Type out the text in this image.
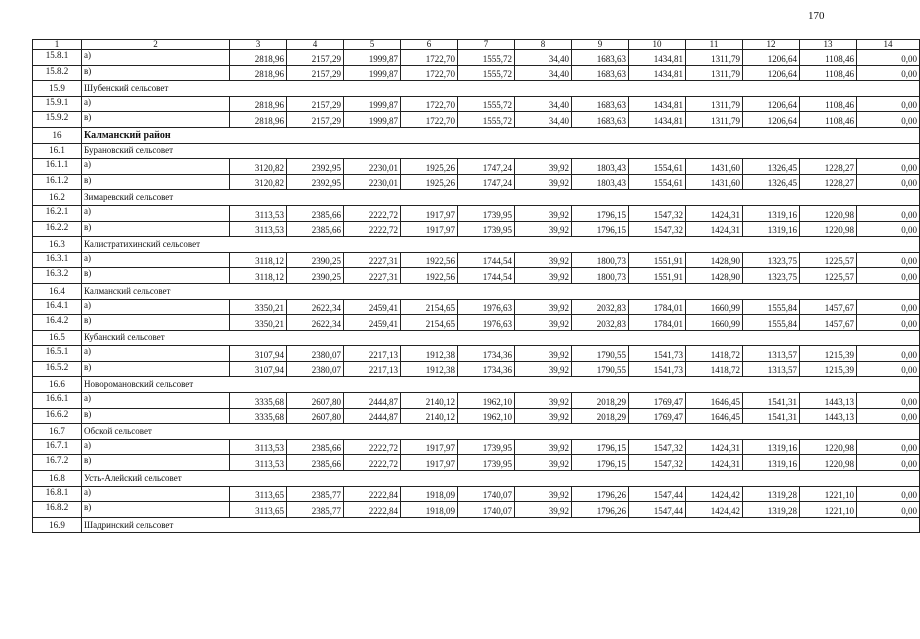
170
1	2	3	4	5	6	7	8	9	10	11	12	13	14
15.8.1	а)	2818,96	2157,29	1999,87	1722,70	1555,72	34,40	1683,63	1434,81	1311,79	1206,64	1108,46	0,00
15.8.2	в)	2818,96	2157,29	1999,87	1722,70	1555,72	34,40	1683,63	1434,81	1311,79	1206,64	1108,46	0,00
15.9	Шубенский сельсовет												
15.9.1	а)	2818,96	2157,29	1999,87	1722,70	1555,72	34,40	1683,63	1434,81	1311,79	1206,64	1108,46	0,00
15.9.2	в)	2818,96	2157,29	1999,87	1722,70	1555,72	34,40	1683,63	1434,81	1311,79	1206,64	1108,46	0,00
16	Калманский район												
16.1	Бурановский сельсовет												
16.1.1	а)	3120,82	2392,95	2230,01	1925,26	1747,24	39,92	1803,43	1554,61	1431,60	1326,45	1228,27	0,00
16.1.2	в)	3120,82	2392,95	2230,01	1925,26	1747,24	39,92	1803,43	1554,61	1431,60	1326,45	1228,27	0,00
16.2	Зимаревский сельсовет												
16.2.1	а)	3113,53	2385,66	2222,72	1917,97	1739,95	39,92	1796,15	1547,32	1424,31	1319,16	1220,98	0,00
16.2.2	в)	3113,53	2385,66	2222,72	1917,97	1739,95	39,92	1796,15	1547,32	1424,31	1319,16	1220,98	0,00
16.3	Калистратихинский сельсовет												
16.3.1	а)	3118,12	2390,25	2227,31	1922,56	1744,54	39,92	1800,73	1551,91	1428,90	1323,75	1225,57	0,00
16.3.2	в)	3118,12	2390,25	2227,31	1922,56	1744,54	39,92	1800,73	1551,91	1428,90	1323,75	1225,57	0,00
16.4	Калманский сельсовет												
16.4.1	а)	3350,21	2622,34	2459,41	2154,65	1976,63	39,92	2032,83	1784,01	1660,99	1555,84	1457,67	0,00
16.4.2	в)	3350,21	2622,34	2459,41	2154,65	1976,63	39,92	2032,83	1784,01	1660,99	1555,84	1457,67	0,00
16.5	Кубанский сельсовет												
16.5.1	а)	3107,94	2380,07	2217,13	1912,38	1734,36	39,92	1790,55	1541,73	1418,72	1313,57	1215,39	0,00
16.5.2	в)	3107,94	2380,07	2217,13	1912,38	1734,36	39,92	1790,55	1541,73	1418,72	1313,57	1215,39	0,00
16.6	Новоромановский сельсовет												
16.6.1	а)	3335,68	2607,80	2444,87	2140,12	1962,10	39,92	2018,29	1769,47	1646,45	1541,31	1443,13	0,00
16.6.2	в)	3335,68	2607,80	2444,87	2140,12	1962,10	39,92	2018,29	1769,47	1646,45	1541,31	1443,13	0,00
16.7	Обской сельсовет												
16.7.1	а)	3113,53	2385,66	2222,72	1917,97	1739,95	39,92	1796,15	1547,32	1424,31	1319,16	1220,98	0,00
16.7.2	в)	3113,53	2385,66	2222,72	1917,97	1739,95	39,92	1796,15	1547,32	1424,31	1319,16	1220,98	0,00
16.8	Усть-Алейский сельсовет												
16.8.1	а)	3113,65	2385,77	2222,84	1918,09	1740,07	39,92	1796,26	1547,44	1424,42	1319,28	1221,10	0,00
16.8.2	в)	3113,65	2385,77	2222,84	1918,09	1740,07	39,92	1796,26	1547,44	1424,42	1319,28	1221,10	0,00
16.9	Шадринский сельсовет												
